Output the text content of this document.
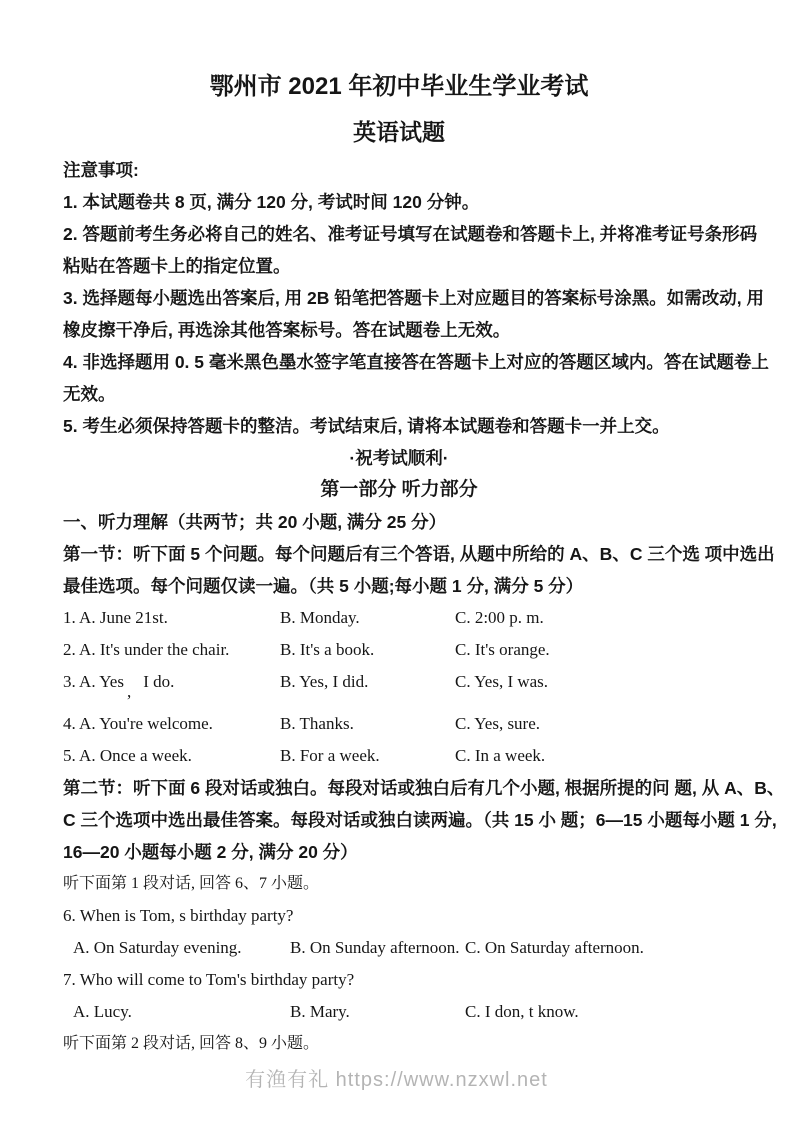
鄂州市 2021 年初中毕业生学业考试
英语试题
注意事项:
1. 本试题卷共 8 页, 满分 120 分, 考试时间 120 分钟。
2. 答题前考生务必将自己的姓名、准考证号填写在试题卷和答题卡上, 并将准考证号条形码
粘贴在答题卡上的指定位置。
3. 选择题每小题选出答案后, 用 2B 铅笔把答题卡上对应题目的答案标号涂黑。如需改动, 用
橡皮擦干净后, 再选涂其他答案标号。答在试题卷上无效。
4. 非选择题用 0. 5 毫米黑色墨水签字笔直接答在答题卡上对应的答题区域内。答在试题卷上
无效。
5. 考生必须保持答题卡的整洁。考试结束后, 请将本试题卷和答题卡一并上交。
·祝考试顺利·
第一部分 听力部分
一、听力理解（共两节；共 20 小题, 满分 25 分）
第一节：听下面 5 个问题。每个问题后有三个答语, 从题中所给的 A、B、C 三个选 项中选出
最佳选项。每个问题仅读一遍。（共 5 小题;每小题 1 分, 满分 5 分）
1. A. June 21st.	B. Monday.	C. 2:00 p. m.
2. A. It's under the chair.	B. It's a book.	C. It's orange.
3. A. Yes,I do.	B. Yes, I did.	C. Yes, I was.
4. A. You're welcome.	B. Thanks.	C. Yes, sure.
5. A. Once a week.	B. For a week.	C. In a week.
第二节：听下面 6 段对话或独白。每段对话或独白后有几个小题, 根据所提的问 题, 从 A、B、
C 三个选项中选出最佳答案。每段对话或独白读两遍。（共 15 小 题；6—15 小题每小题 1 分,
16—20 小题每小题 2 分, 满分 20 分）
听下面第 1 段对话, 回答 6、7 小题。
6. When is Tom, s birthday party?
A. On Saturday evening.	B. On Sunday afternoon. C. On Saturday afternoon.
7. Who will come to Tom's birthday party?
A. Lucy.	B. Mary.	C. I don, t know.
听下面第 2 段对话, 回答 8、9 小题。
有渔有礼 https://www.nzxwl.net
